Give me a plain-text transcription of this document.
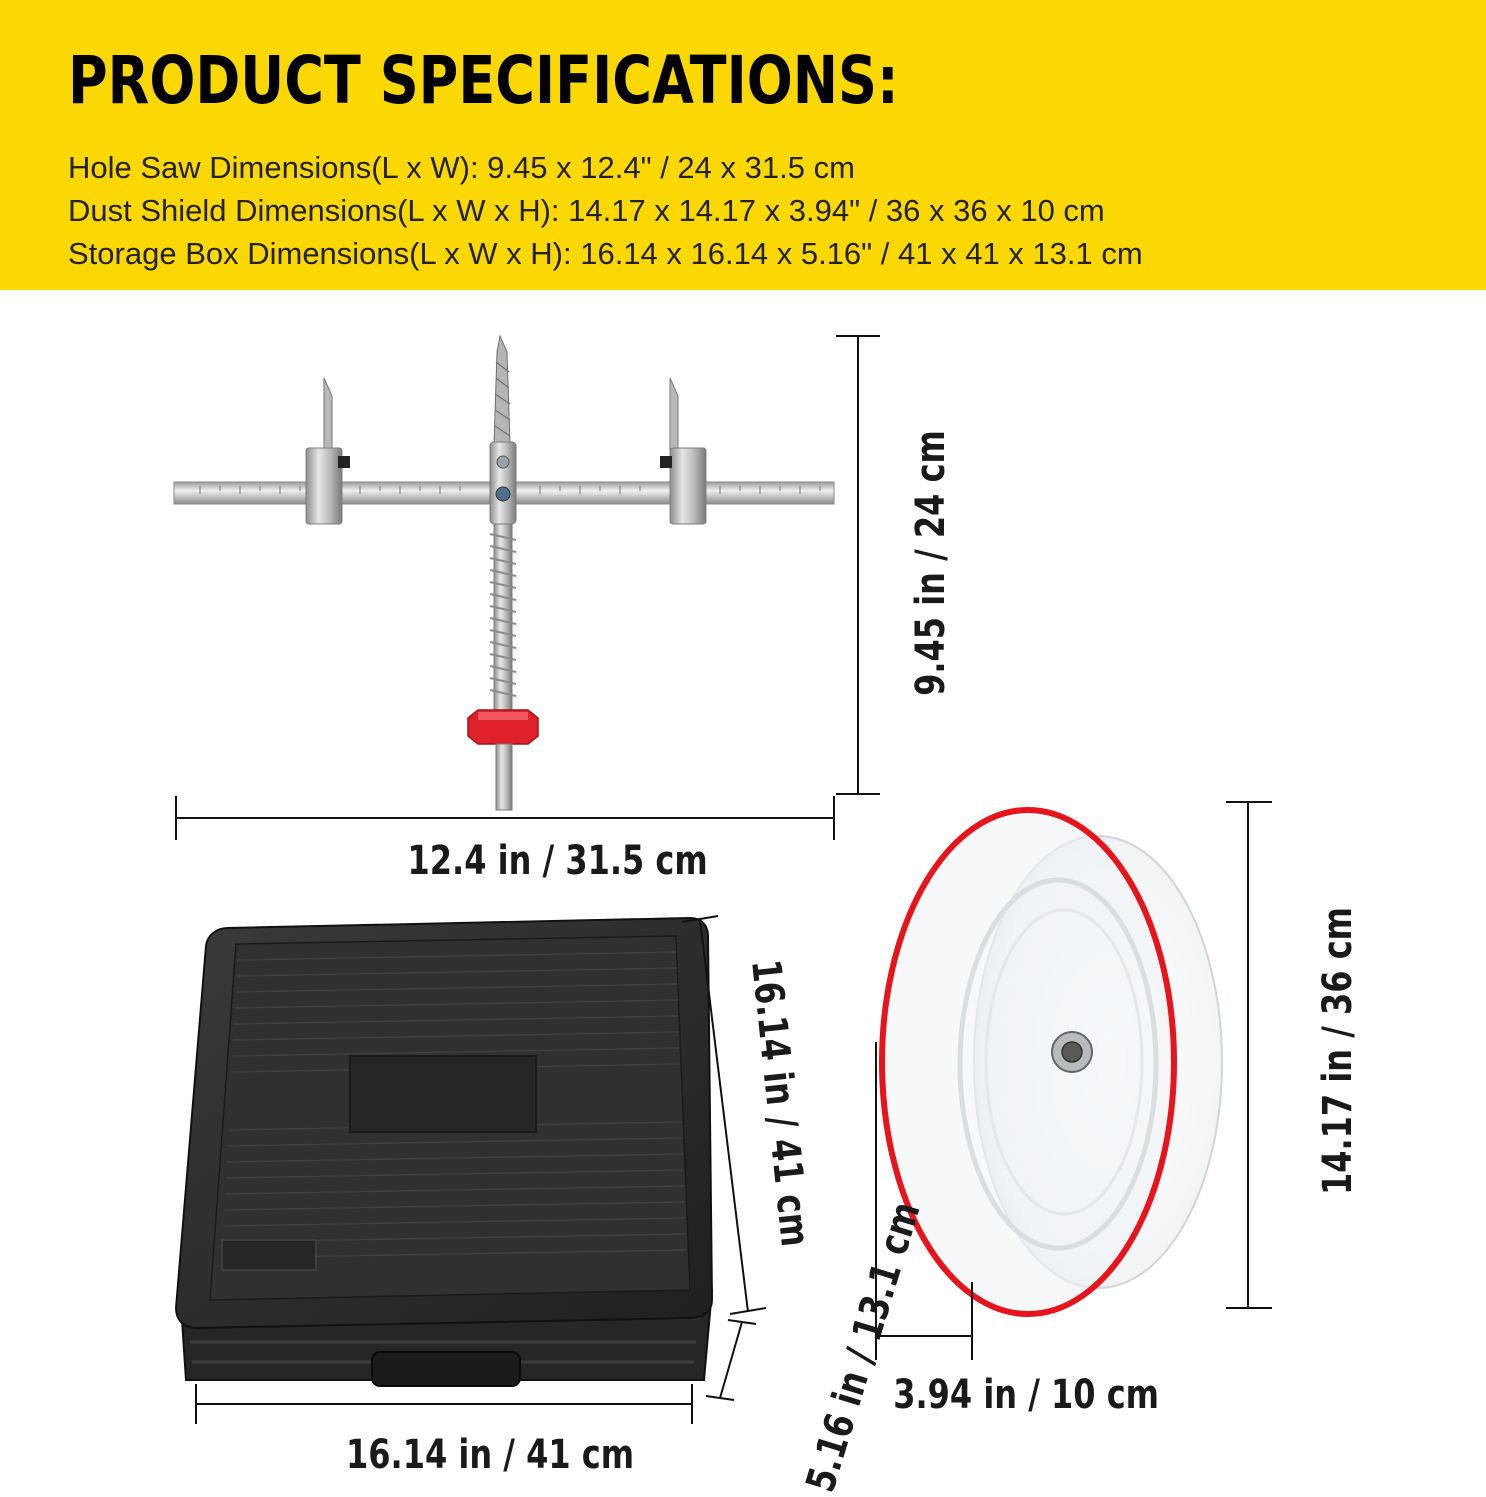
PRODUCT SPECIFICATIONS:
Hole Saw Dimensions(L x W): 9.45 x 12.4" / 24 x 31.5 cm
Dust Shield Dimensions(L x W x H): 14.17 x 14.17 x 3.94" / 36 x 36 x 10 cm
Storage Box Dimensions(L x W x H): 16.14 x 16.14 x 5.16" / 41 x 41 x 13.1 cm
9.45 in / 24 cm
12.4 in / 31.5 cm
16.14 in / 41 cm
5.16 in / 13.1 cm
16.14 in / 41 cm
14.17 in / 36 cm
3.94 in / 10 cm
